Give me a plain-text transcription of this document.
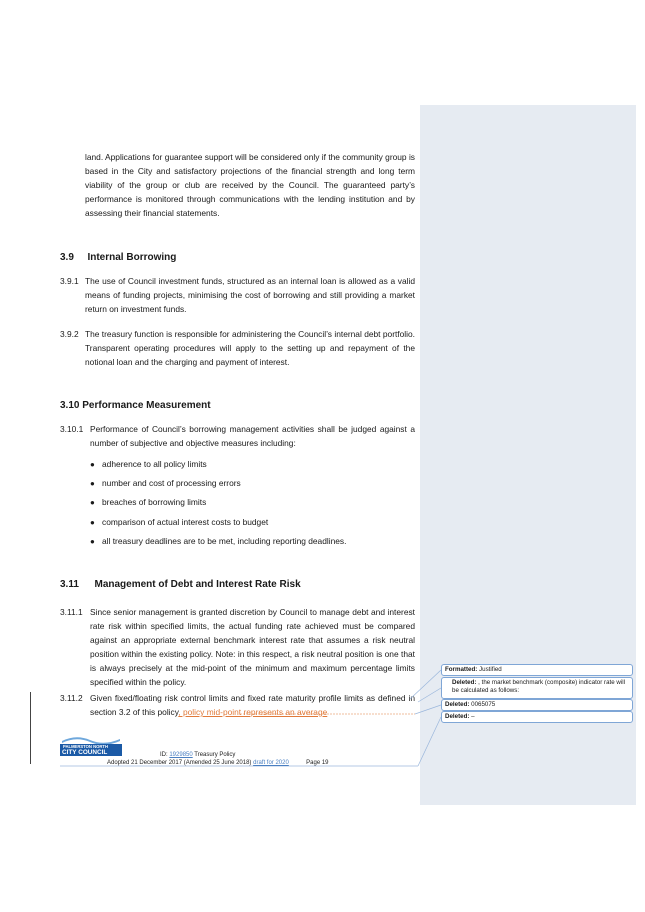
land. Applications for guarantee support will be considered only if the community group is based in the City and satisfactory projections of the financial strength and long term viability of the group or club are received by the Council. The guaranteed party’s performance is monitored through communications with the lending institution and by assessing their financial statements.
3.9 Internal Borrowing
3.9.1 The use of Council investment funds, structured as an internal loan is allowed as a valid means of funding projects, minimising the cost of borrowing and still providing a market return on investment funds.
3.9.2 The treasury function is responsible for administering the Council’s internal debt portfolio. Transparent operating procedures will apply to the setting up and repayment of the notional loan and the charging and payment of interest.
3.10 Performance Measurement
3.10.1 Performance of Council’s borrowing management activities shall be judged against a number of subjective and objective measures including:
● adherence to all policy limits
● number and cost of processing errors
● breaches of borrowing limits
● comparison of actual interest costs to budget
● all treasury deadlines are to be met, including reporting deadlines.
3.11 Management of Debt and Interest Rate Risk
3.11.1 Since senior management is granted discretion by Council to manage debt and interest rate risk within specified limits, the actual funding rate achieved must be compared against an appropriate external benchmark interest rate that assumes a risk neutral position within the existing policy. Note: in this respect, a risk neutral position is one that is always precisely at the mid-point of the minimum and maximum percentage limits specified within the policy.
3.11.2 Given fixed/floating risk control limits and fixed rate maturity profile limits as defined in section 3.2 of this policy, policy mid-point represents an average
Formatted: Justified
Deleted: , the market benchmark (composite) indicator rate will be calculated as follows:
Deleted: 0065075
Deleted: –
PALMERSTON NORTH
CITY COUNCIL	ID: 1929850 Treasury Policy
Adopted 21 December 2017 (Amended 25 June 2018) draft for 2020	Page 19
